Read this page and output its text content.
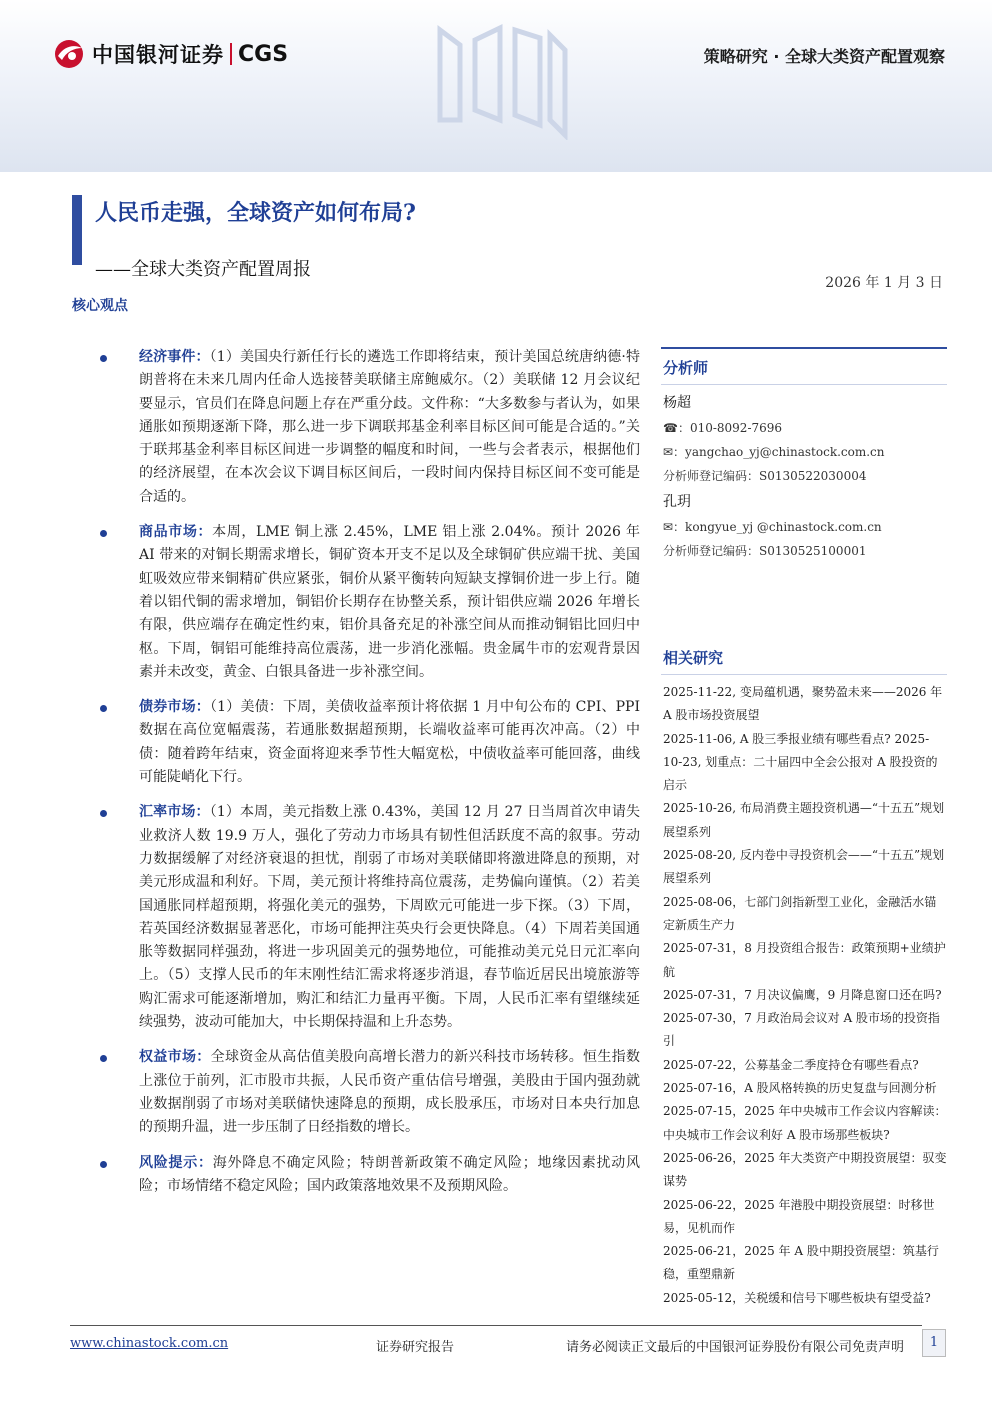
中国银河证券 CGS	策略研究 · 全球大类资产配置观察
人民币走强，全球资产如何布局?
——全球大类资产配置周报
2026 年 1 月 3 日
核心观点
经济事件：（1）美国央行新任行长的遴选工作即将结束，预计美国总统唐纳德·特朗普将在未来几周内任命人选接替美联储主席鲍威尔。（2）美联储 12 月会议纪要显示，官员们在降息问题上存在严重分歧。文件称：“大多数参与者认为，如果通胀如预期逐渐下降，那么进一步下调联邦基金利率目标区间可能是合适的。”关于联邦基金利率目标区间进一步调整的幅度和时间，一些与会者表示，根据他们的经济展望，在本次会议下调目标区间后，一段时间内保持目标区间不变可能是合适的。
商品市场：本周，LME 铜上涨 2.45%，LME 铝上涨 2.04%。预计 2026 年 AI 带来的对铜长期需求增长，铜矿资本开支不足以及全球铜矿供应端干扰、美国虹吸效应带来铜精矿供应紧张，铜价从紧平衡转向短缺支撑铜价进一步上行。随着以铝代铜的需求增加，铜铝价长期存在协整关系，预计铝供应端 2026 年增长有限，供应端存在确定性约束，铝价具备充足的补涨空间从而推动铜铝比回归中枢。下周，铜铝可能维持高位震荡，进一步消化涨幅。贵金属牛市的宏观背景因素并未改变，黄金、白银具备进一步补涨空间。
债券市场：（1）美债：下周，美债收益率预计将依据 1 月中旬公布的 CPI、PPI 数据在高位宽幅震荡，若通胀数据超预期，长端收益率可能再次冲高。（2）中债：随着跨年结束，资金面将迎来季节性大幅宽松，中债收益率可能回落，曲线可能陡峭化下行。
汇率市场：（1）本周，美元指数上涨 0.43%，美国 12 月 27 日当周首次申请失业救济人数 19.9 万人，强化了劳动力市场具有韧性但活跃度不高的叙事。劳动力数据缓解了对经济衰退的担忧，削弱了市场对美联储即将激进降息的预期，对美元形成温和利好。下周，美元预计将维持高位震荡，走势偏向谨慎。（2）若美国通胀同样超预期，将强化美元的强势，下周欧元可能进一步下探。（3）下周，若英国经济数据显著恶化，市场可能押注英央行会更快降息。（4）下周若美国通胀等数据同样强劲，将进一步巩固美元的强势地位，可能推动美元兑日元汇率向上。（5）支撑人民币的年末刚性结汇需求将逐步消退，春节临近居民出境旅游等购汇需求可能逐渐增加，购汇和结汇力量再平衡。下周，人民币汇率有望继续延续强势，波动可能加大，中长期保持温和上升态势。
权益市场：全球资金从高估值美股向高增长潜力的新兴科技市场转移。恒生指数上涨位于前列，汇市股市共振，人民币资产重估信号增强，美股由于国内强劲就业数据削弱了市场对美联储快速降息的预期，成长股承压，市场对日本央行加息的预期升温，进一步压制了日经指数的增长。
风险提示：海外降息不确定风险；特朗普新政策不确定风险；地缘因素扰动风险；市场情绪不稳定风险；国内政策落地效果不及预期风险。
分析师
杨超
☎：010-8092-7696
✉：yangchao_yj@chinastock.com.cn
分析师登记编码：S0130522030004
孔玥
✉：kongyue_yj @chinastock.com.cn
分析师登记编码：S0130525100001
相关研究
2025-11-22, 变局蕴机遇，聚势盈未来——2026 年 A 股市场投资展望
2025-11-06, A 股三季报业绩有哪些看点? 2025-10-23, 划重点：二十届四中全会公报对 A 股投资的启示
2025-10-26, 布局消费主题投资机遇—“十五五”规划展望系列
2025-08-20, 反内卷中寻投资机会——“十五五”规划展望系列
2025-08-06，七部门剑指新型工业化，金融活水锚定新质生产力
2025-07-31，8 月投资组合报告：政策预期+业绩护航
2025-07-31，7 月决议偏鹰，9 月降息窗口还在吗?
2025-07-30，7 月政治局会议对 A 股市场的投资指引
2025-07-22，公募基金二季度持仓有哪些看点?
2025-07-16，A 股风格转换的历史复盘与回测分析
2025-07-15，2025 年中央城市工作会议内容解读：中央城市工作会议利好 A 股市场那些板块?
2025-06-26，2025 年大类资产中期投资展望：驭变谋势
2025-06-22，2025 年港股中期投资展望：时移世易，见机而作
2025-06-21，2025 年 A 股中期投资展望：筑基行稳，重塑鼎新
2025-05-12，关税缓和信号下哪些板块有望受益?
www.chinastock.com.cn	证券研究报告	请务必阅读正文最后的中国银河证券股份有限公司免责声明	1
